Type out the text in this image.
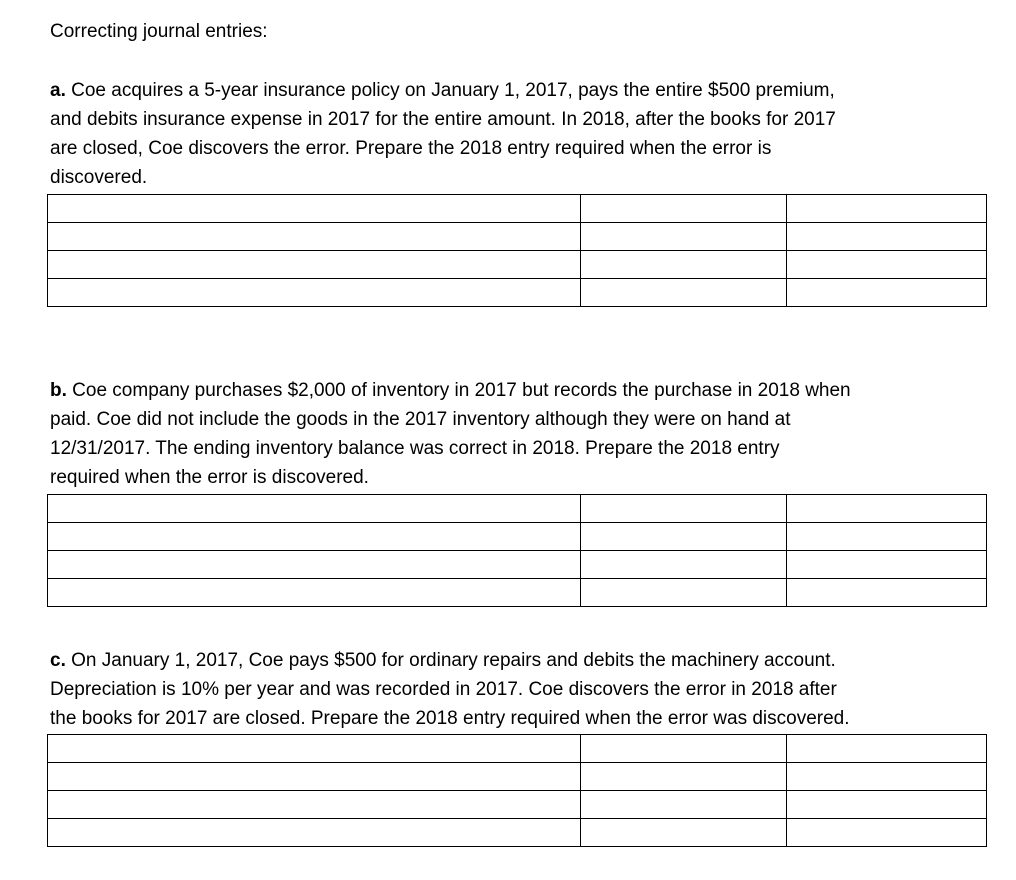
Correcting journal entries:
a. Coe acquires a 5-year insurance policy on January 1, 2017, pays the entire $500 premium,
and debits insurance expense in 2017 for the entire amount. In 2018, after the books for 2017
are closed, Coe discovers the error. Prepare the 2018 entry required when the error is
discovered.

b. Coe company purchases $2,000 of inventory in 2017 but records the purchase in 2018 when
paid. Coe did not include the goods in the 2017 inventory although they were on hand at
12/31/2017. The ending inventory balance was correct in 2018. Prepare the 2018 entry
required when the error is discovered.

c. On January 1, 2017, Coe pays $500 for ordinary repairs and debits the machinery account.
Depreciation is 10% per year and was recorded in 2017. Coe discovers the error in 2018 after
the books for 2017 are closed. Prepare the 2018 entry required when the error was discovered.
